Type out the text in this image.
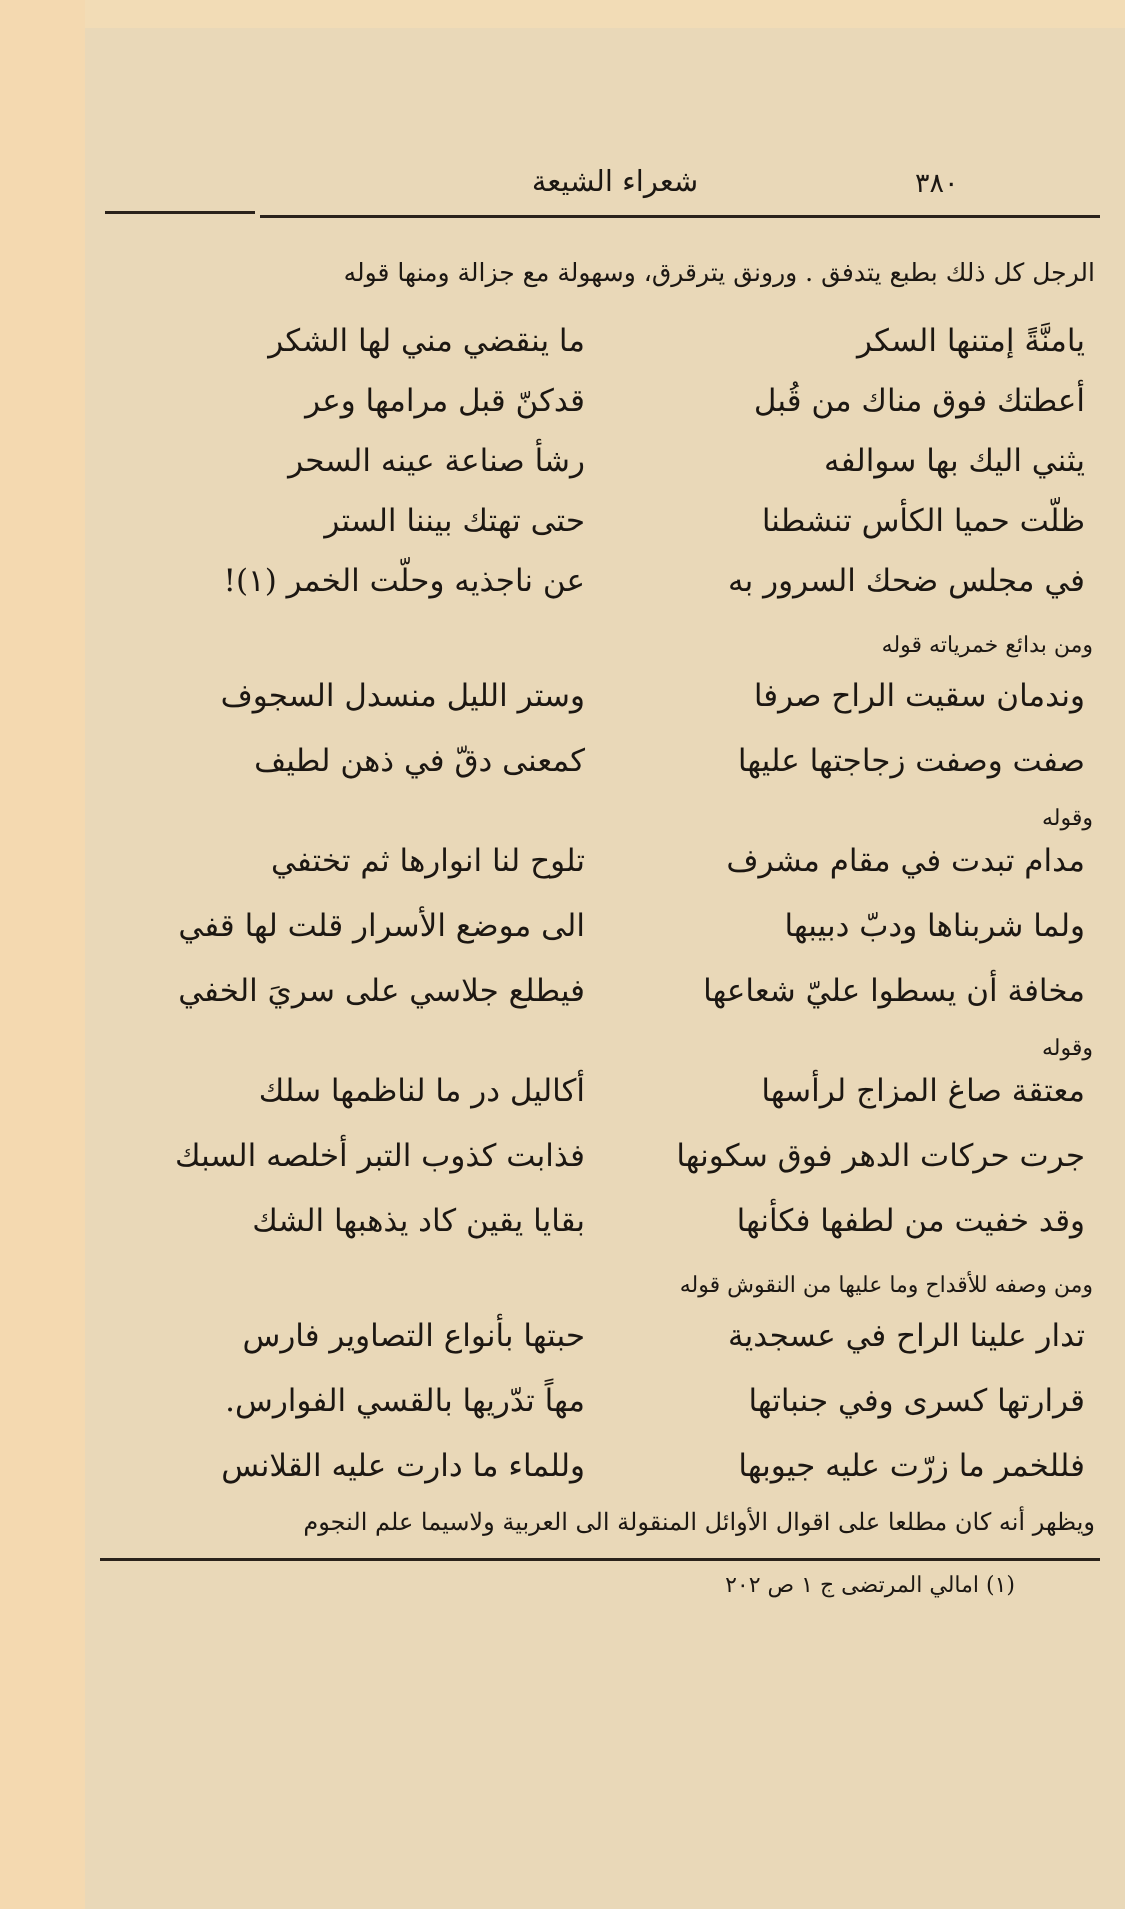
٣٨٠
شعراء الشيعة
الرجل كل ذلك بطبع يتدفق . ورونق يترقرق، وسهولة مع جزالة ومنها قوله
يامنَّةً إمتنها السكر
ما ينقضي مني لها الشكر
أعطتك فوق مناك من قُبل
قدكنّ قبل مرامها وعر
يثني اليك بها سوالفه
رشأ صناعة عينه السحر
ظلّت حميا الكأس تنشطنا
حتى تهتك بيننا الستر
في مجلس ضحك السرور به
عن ناجذيه وحلّت الخمر (١)!
ومن بدائع خمرياته قوله
وندمان سقيت الراح صرفا
وستر الليل منسدل السجوف
صفت وصفت زجاجتها عليها
كمعنى دقّ في ذهن لطيف
وقوله
مدام تبدت في مقام مشرف
تلوح لنا انوارها ثم تختفي
ولما شربناها ودبّ دبيبها
الى موضع الأسرار قلت لها قفي
مخافة أن يسطوا عليّ شعاعها
فيطلع جلاسي على سريَ الخفي
وقوله
معتقة صاغ المزاج لرأسها
أكاليل در ما لناظمها سلك
جرت حركات الدهر فوق سكونها
فذابت كذوب التبر أخلصه السبك
وقد خفيت من لطفها فكأنها
بقايا يقين كاد يذهبها الشك
ومن وصفه للأقداح وما عليها من النقوش قوله
تدار علينا الراح في عسجدية
حبتها بأنواع التصاوير فارس
قرارتها كسرى وفي جنباتها
مهاً تدّريها بالقسي الفوارس.
فللخمر ما زرّت عليه جيوبها
وللماء ما دارت عليه القلانس
ويظهر أنه كان مطلعا على اقوال الأوائل المنقولة الى العربية ولاسيما علم النجوم
(١) امالي المرتضى ج ١ ص ٢٠٢
